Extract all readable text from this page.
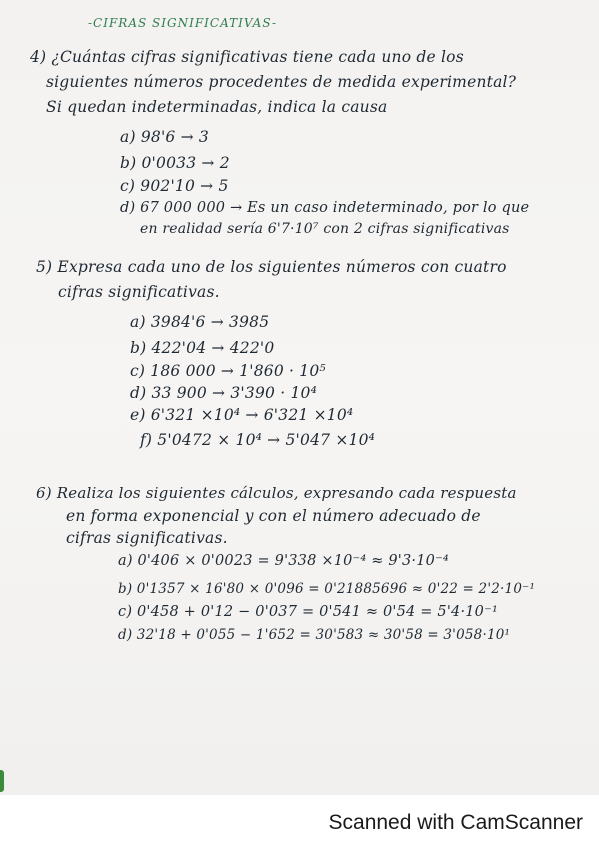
-CIFRAS SIGNIFICATIVAS-
4) ¿Cuántas cifras significativas tiene cada uno de los
siguientes números procedentes de medida experimental?
Si quedan indeterminadas, indica la causa
a) 98'6 → 3
b) 0'0033 → 2
c) 902'10 → 5
d) 67 000 000 → Es un caso indeterminado, por lo que
en realidad sería 6'7·10⁷ con 2 cifras significativas
5) Expresa cada uno de los siguientes números con cuatro
cifras significativas.
a) 3984'6 → 3985
b) 422'04 → 422'0
c) 186 000 → 1'860 · 10⁵
d) 33 900 → 3'390 · 10⁴
e) 6'321 ×10⁴ → 6'321 ×10⁴
f) 5'0472 × 10⁴ → 5'047 ×10⁴
6) Realiza los siguientes cálculos, expresando cada respuesta
en forma exponencial y con el número adecuado de
cifras significativas.
a) 0'406 × 0'0023 = 9'338 ×10⁻⁴ ≈ 9'3·10⁻⁴
b) 0'1357 × 16'80 × 0'096 = 0'21885696 ≈ 0'22 = 2'2·10⁻¹
c) 0'458 + 0'12 − 0'037 = 0'541 ≈ 0'54 = 5'4·10⁻¹
d) 32'18 + 0'055 − 1'652 = 30'583 ≈ 30'58 = 3'058·10¹
Scanned with CamScanner
